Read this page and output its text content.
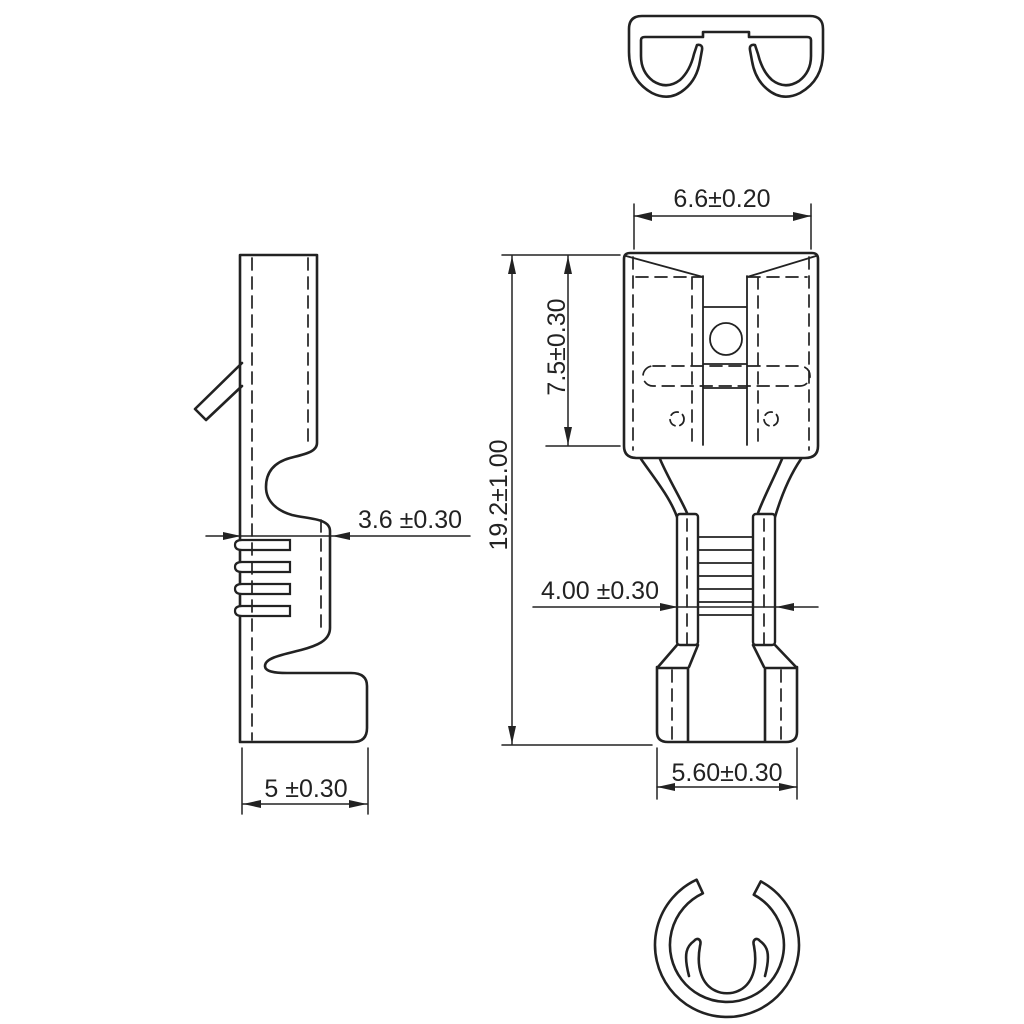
6.6±0.20
7.5±0.30
19.2±1.00
3.6 ±0.30
4.00 ±0.30
5.60±0.30
5 ±0.30
